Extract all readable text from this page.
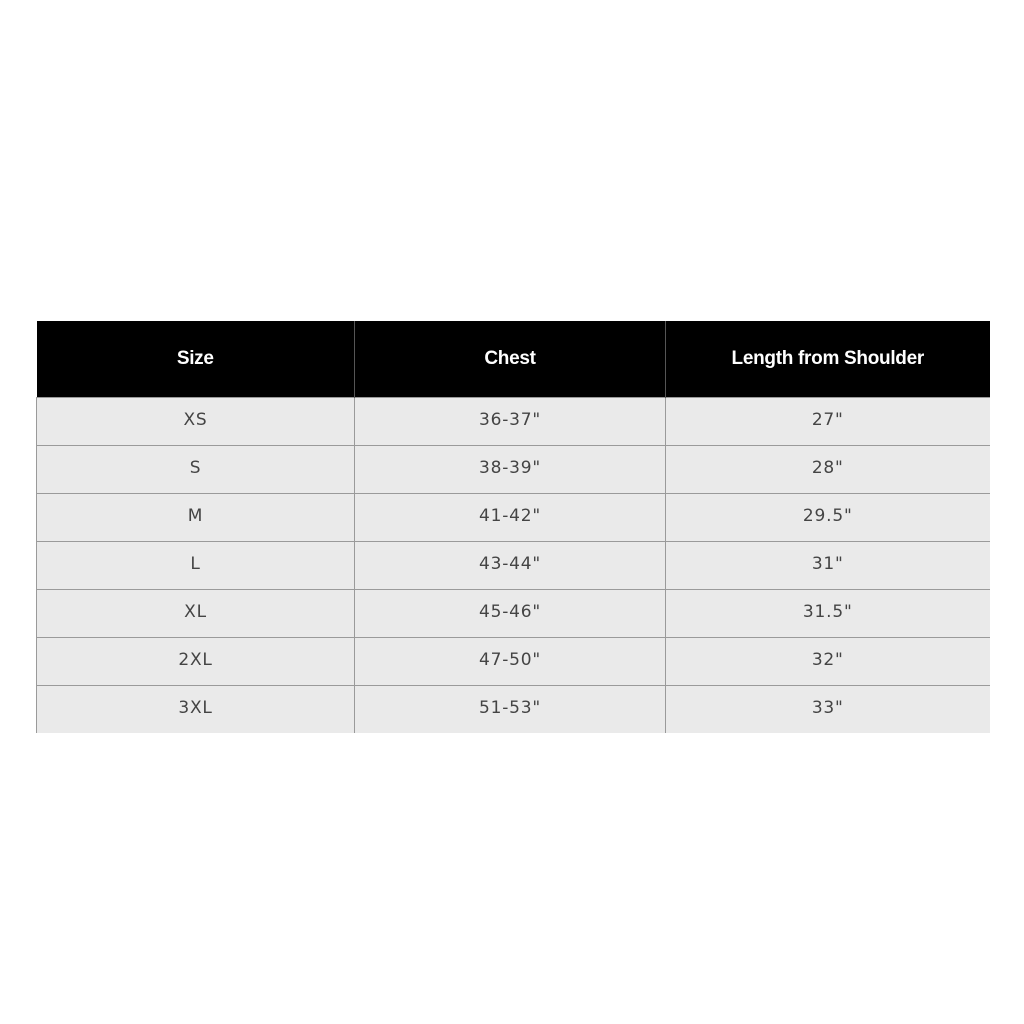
Size	Chest	Length from Shoulder
XS	36-37"	27"
S	38-39"	28"
M	41-42"	29.5"
L	43-44"	31"
XL	45-46"	31.5"
2XL	47-50"	32"
3XL	51-53"	33"
